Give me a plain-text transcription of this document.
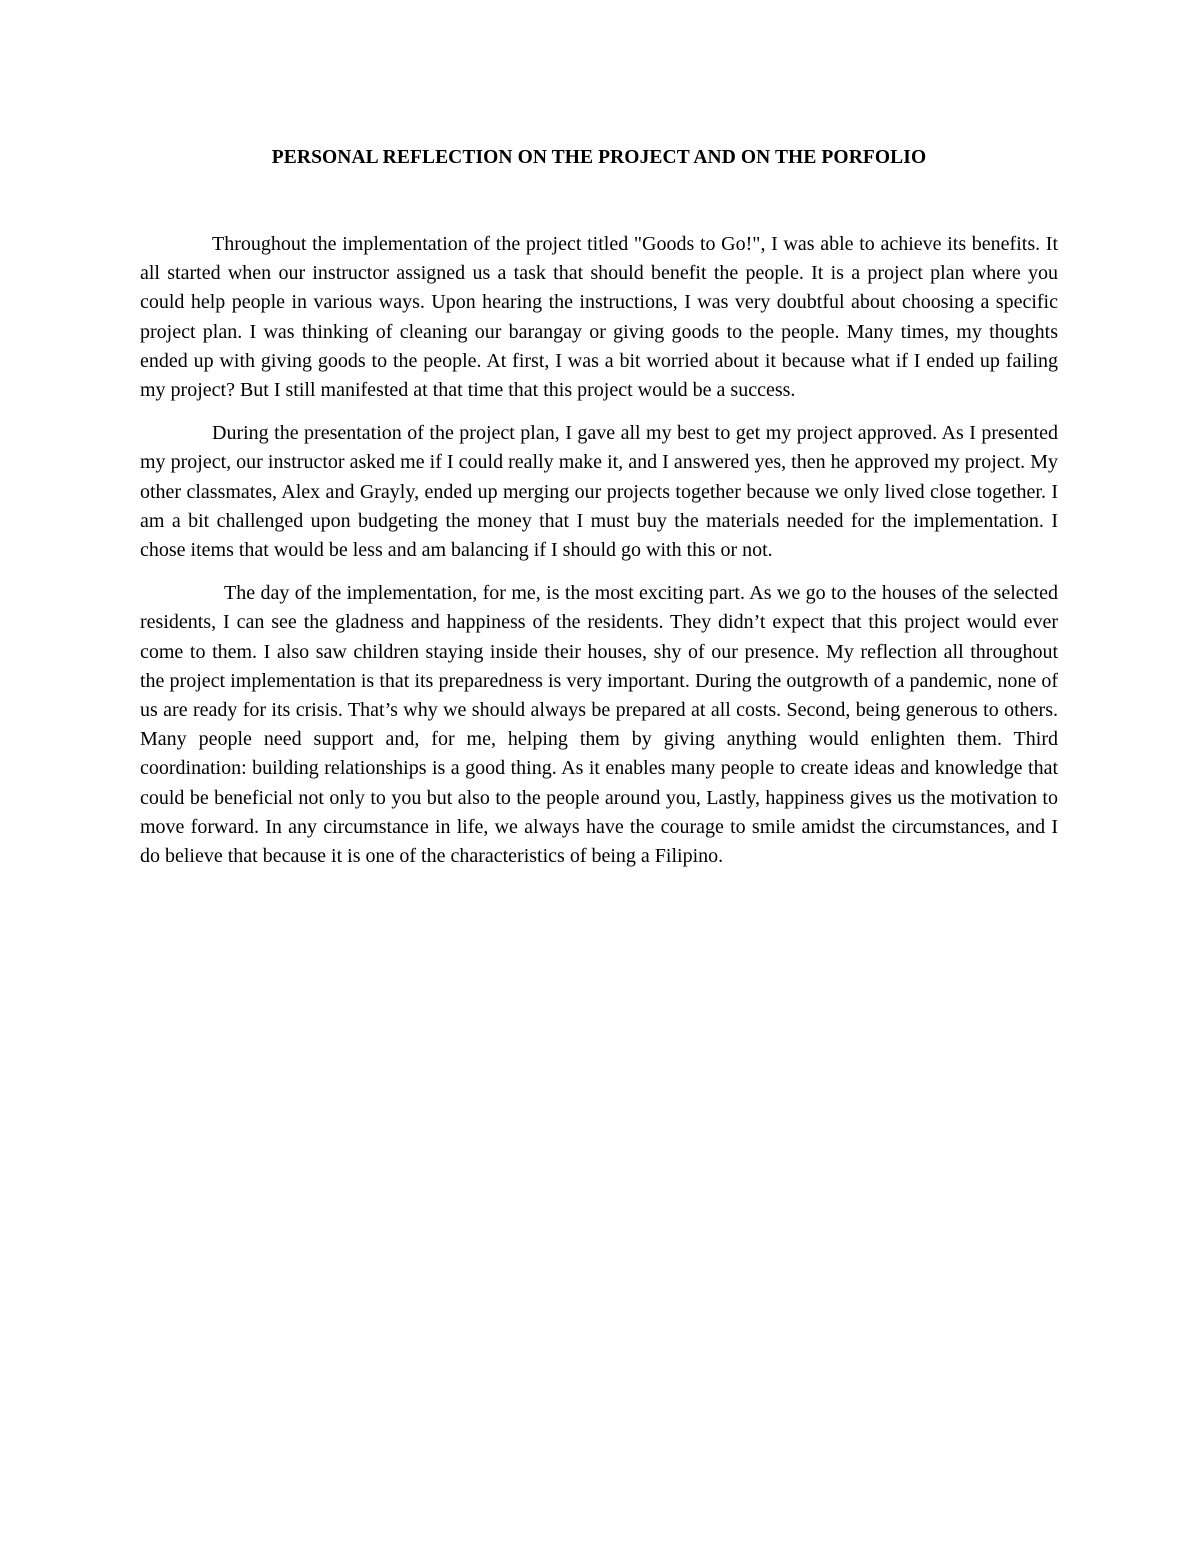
PERSONAL REFLECTION ON THE PROJECT AND ON THE PORFOLIO

Throughout the implementation of the project titled "Goods to Go!", I was able to achieve its benefits. It all started when our instructor assigned us a task that should benefit the people. It is a project plan where you could help people in various ways. Upon hearing the instructions, I was very doubtful about choosing a specific project plan. I was thinking of cleaning our barangay or giving goods to the people. Many times, my thoughts ended up with giving goods to the people. At first, I was a bit worried about it because what if I ended up failing my project? But I still manifested at that time that this project would be a success.

During the presentation of the project plan, I gave all my best to get my project approved. As I presented my project, our instructor asked me if I could really make it, and I answered yes, then he approved my project. My other classmates, Alex and Grayly, ended up merging our projects together because we only lived close together. I am a bit challenged upon budgeting the money that I must buy the materials needed for the implementation. I chose items that would be less and am balancing if I should go with this or not.

The day of the implementation, for me, is the most exciting part. As we go to the houses of the selected residents, I can see the gladness and happiness of the residents. They didn’t expect that this project would ever come to them. I also saw children staying inside their houses, shy of our presence. My reflection all throughout the project implementation is that its preparedness is very important. During the outgrowth of a pandemic, none of us are ready for its crisis. That’s why we should always be prepared at all costs. Second, being generous to others. Many people need support and, for me, helping them by giving anything would enlighten them. Third coordination: building relationships is a good thing. As it enables many people to create ideas and knowledge that could be beneficial not only to you but also to the people around you, Lastly, happiness gives us the motivation to move forward. In any circumstance in life, we always have the courage to smile amidst the circumstances, and I do believe that because it is one of the characteristics of being a Filipino.
